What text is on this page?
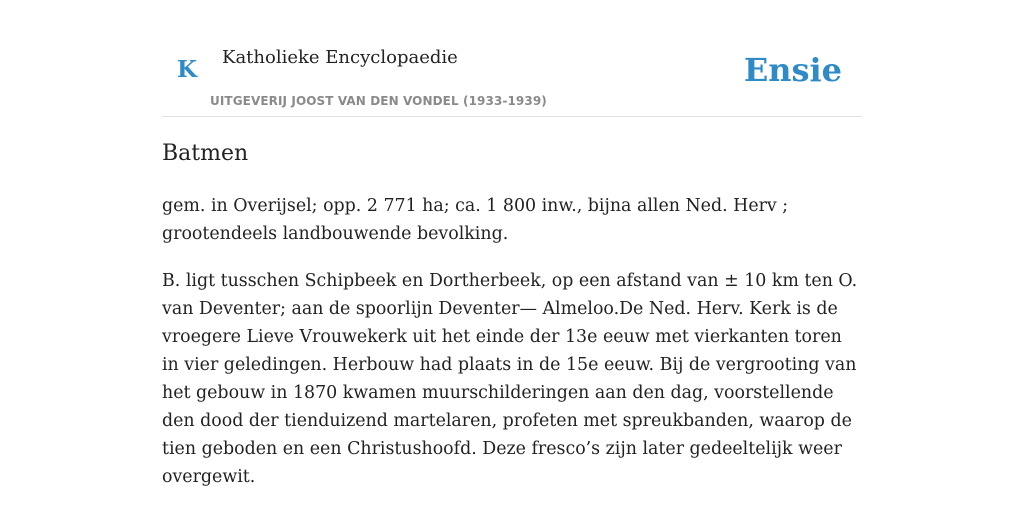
K Katholieke Encyclopaedie
UITGEVERIJ JOOST VAN DEN VONDEL (1933-1939)
Ensie
Batmen

gem. in Overijsel; opp. 2 771 ha; ca. 1 800 inw., bijna allen Ned. Herv ; grootendeels landbouwende bevolking.

B. ligt tusschen Schipbeek en Dortherbeek, op een afstand van ± 10 km ten O. van Deventer; aan de spoorlijn Deventer— Almeloo.De Ned. Herv. Kerk is de vroegere Lieve Vrouwekerk uit het einde der 13e eeuw met vierkanten toren in vier geledingen. Herbouw had plaats in de 15e eeuw. Bij de vergrooting van het gebouw in 1870 kwamen muurschilderingen aan den dag, voorstellende den dood der tienduizend martelaren, profeten met spreukbanden, waarop de tien geboden en een Christushoofd. Deze fresco’s zijn later gedeeltelijk weer overgewit.
